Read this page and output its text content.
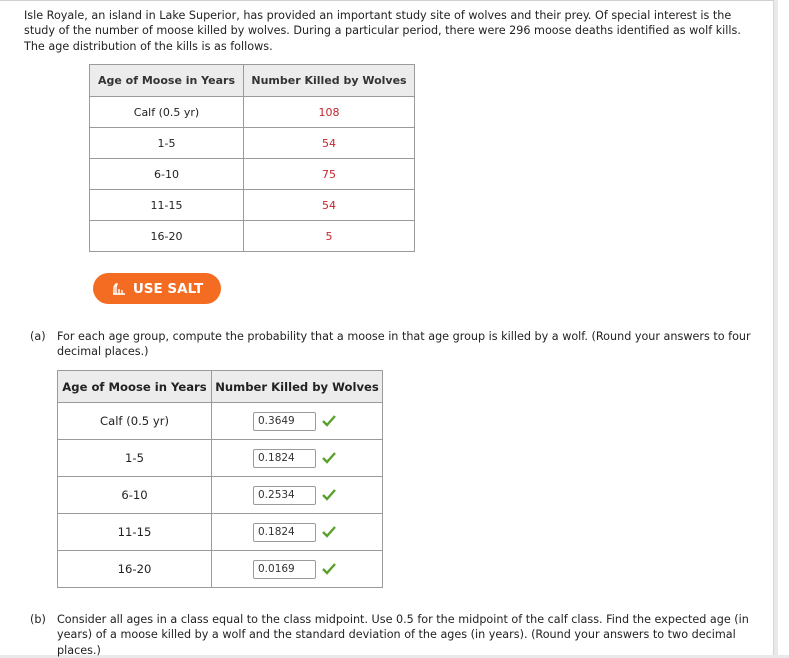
Isle Royale, an island in Lake Superior, has provided an important study site of wolves and their prey. Of special interest is the study of the number of moose killed by wolves. During a particular period, there were 296 moose deaths identified as wolf kills. The age distribution of the kills is as follows.
Age of Moose in Years	Number Killed by Wolves
Calf (0.5 yr)	108
1-5	54
6-10	75
11-15	54
16-20	5
USE SALT
(a) For each age group, compute the probability that a moose in that age group is killed by a wolf. (Round your answers to four decimal places.)
Age of Moose in Years	Number Killed by Wolves
Calf (0.5 yr)	
0.3649

1-5	
0.1824

6-10	
0.2534

11-15	
0.1824

16-20	
0.0169
(b) Consider all ages in a class equal to the class midpoint. Use 0.5 for the midpoint of the calf class. Find the expected age (in years) of a moose killed by a wolf and the standard deviation of the ages (in years). (Round your answers to two decimal places.)
